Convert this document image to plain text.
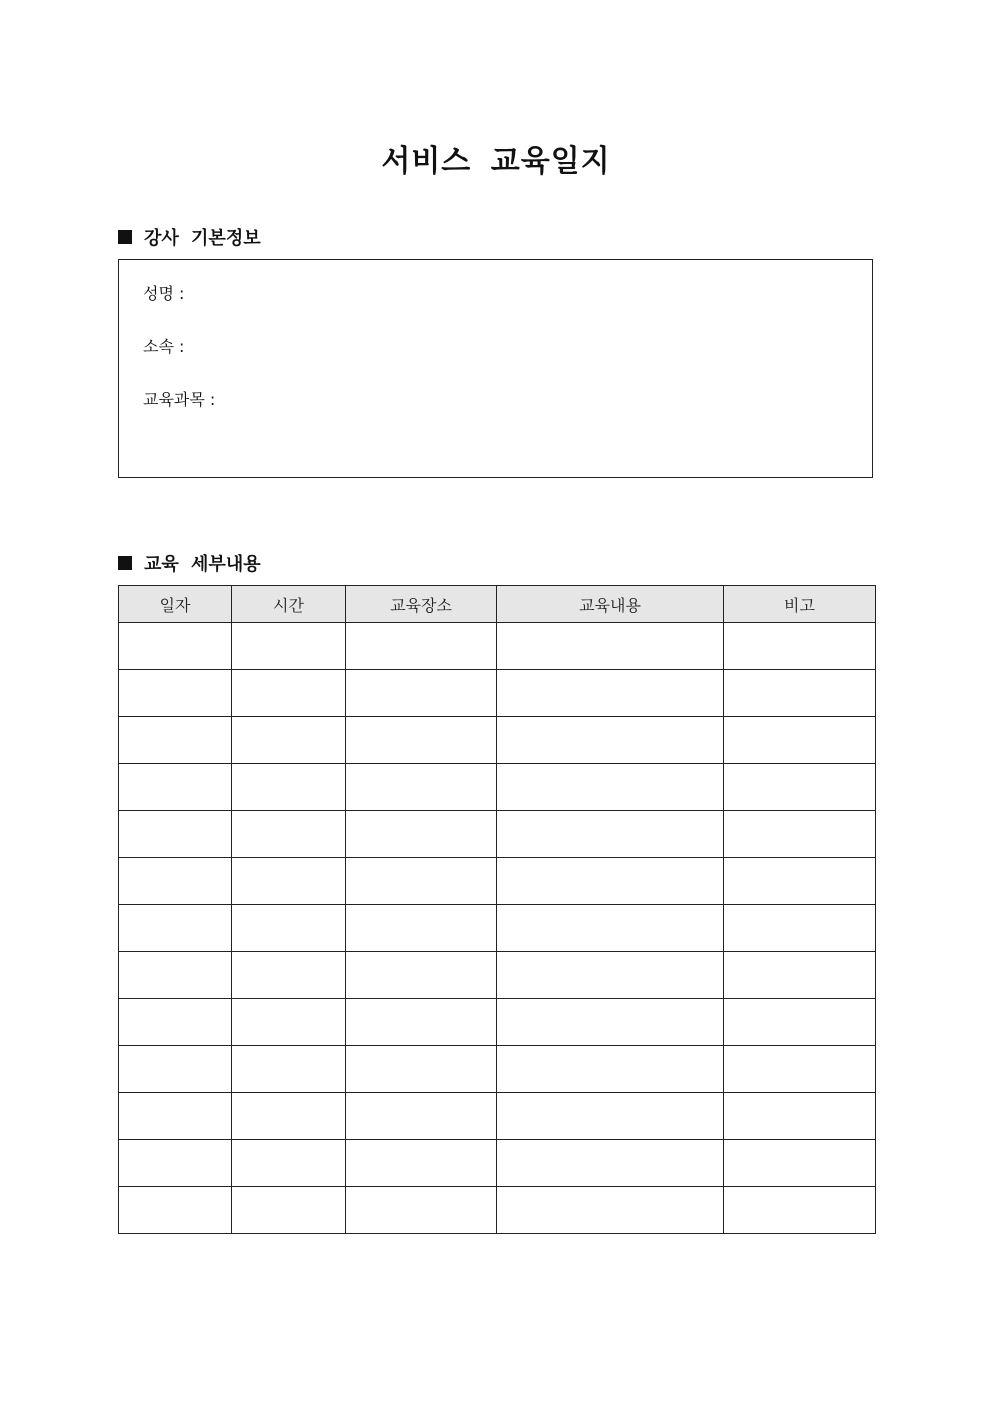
서비스 교육일지
강사 기본정보
성명 :
소속 :
교육과목 :
교육 세부내용
일자	시간	교육장소	교육내용	비고
